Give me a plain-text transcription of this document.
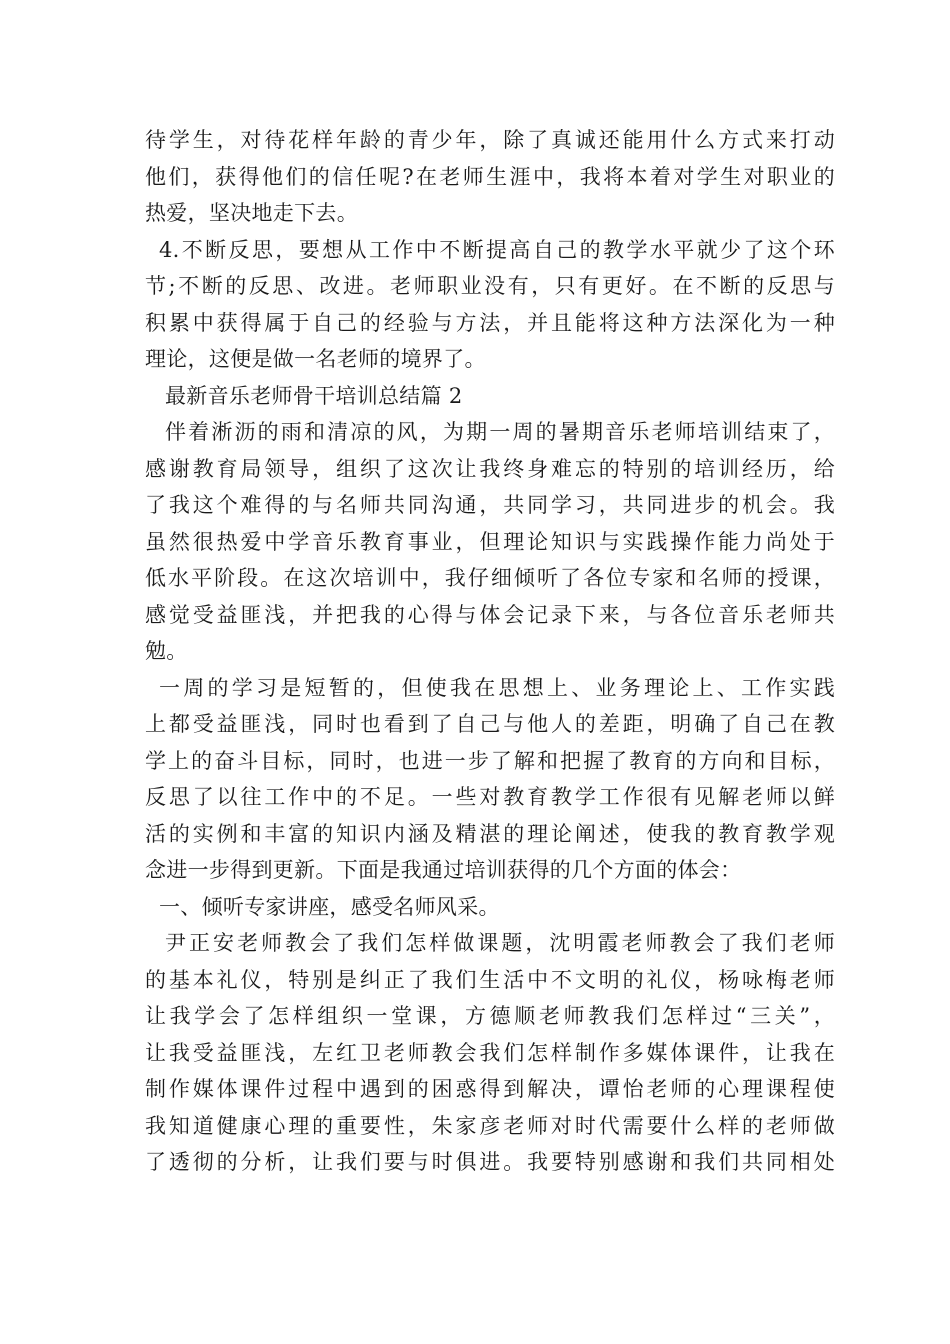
待学生，对待花样年龄的青少年，除了真诚还能用什么方式来打动
他们，获得他们的信任呢?在老师生涯中，我将本着对学生对职业的
热爱，坚决地走下去。
4.不断反思，要想从工作中不断提高自己的教学水平就少了这个环
节;不断的反思、改进。老师职业没有，只有更好。在不断的反思与
积累中获得属于自己的经验与方法，并且能将这种方法深化为一种
理论，这便是做一名老师的境界了。
最新音乐老师骨干培训总结篇 2
伴着淅沥的雨和清凉的风，为期一周的暑期音乐老师培训结束了，
感谢教育局领导，组织了这次让我终身难忘的特别的培训经历，给
了我这个难得的与名师共同沟通，共同学习，共同进步的机会。我
虽然很热爱中学音乐教育事业，但理论知识与实践操作能力尚处于
低水平阶段。在这次培训中，我仔细倾听了各位专家和名师的授课，
感觉受益匪浅，并把我的心得与体会记录下来，与各位音乐老师共
勉。
一周的学习是短暂的，但使我在思想上、业务理论上、工作实践
上都受益匪浅，同时也看到了自己与他人的差距，明确了自己在教
学上的奋斗目标，同时，也进一步了解和把握了教育的方向和目标，
反思了以往工作中的不足。一些对教育教学工作很有见解老师以鲜
活的实例和丰富的知识内涵及精湛的理论阐述，使我的教育教学观
念进一步得到更新。下面是我通过培训获得的几个方面的体会：
一、倾听专家讲座，感受名师风采。
尹正安老师教会了我们怎样做课题，沈明霞老师教会了我们老师
的基本礼仪，特别是纠正了我们生活中不文明的礼仪，杨咏梅老师
让我学会了怎样组织一堂课，方德顺老师教我们怎样过“三关”，
让我受益匪浅，左红卫老师教会我们怎样制作多媒体课件，让我在
制作媒体课件过程中遇到的困惑得到解决，谭怡老师的心理课程使
我知道健康心理的重要性，朱家彦老师对时代需要什么样的老师做
了透彻的分析，让我们要与时俱进。我要特别感谢和我们共同相处
